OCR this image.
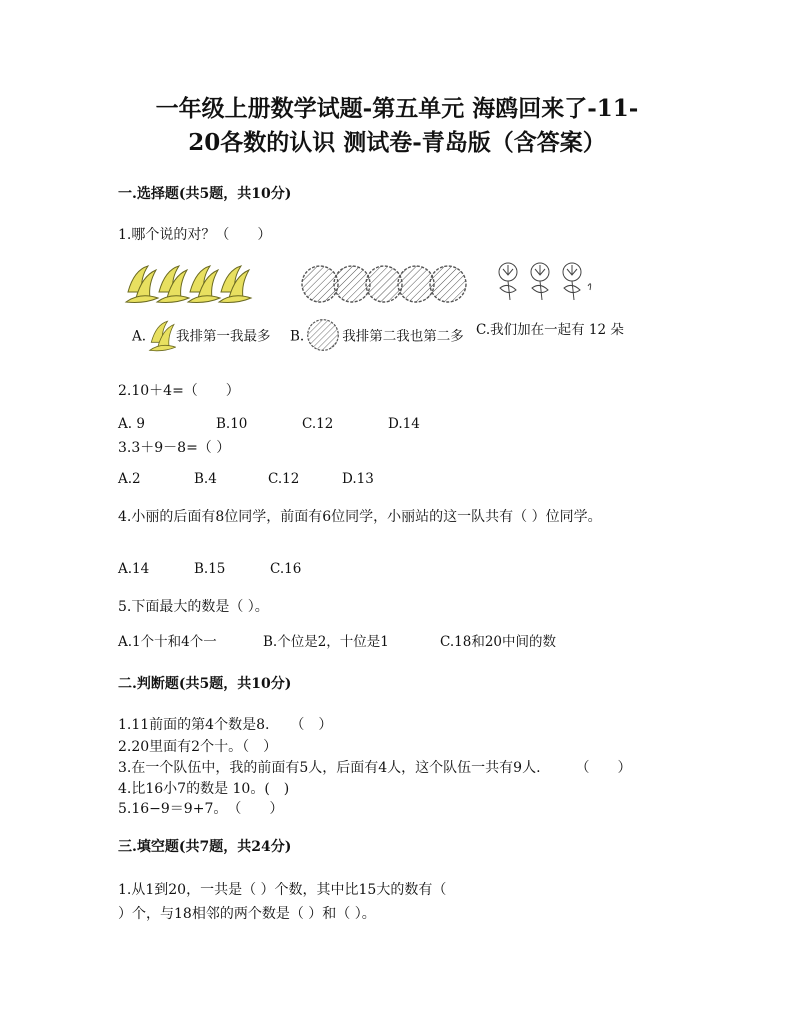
一年级上册数学试题-第五单元 海鸥回来了-11-
20各数的认识 测试卷-青岛版（含答案）
一.选择题(共5题，共10分)
1.哪个说的对？（　　）
A. 我排第一我最多 B.	我排第二我也第二多 C.我们加在一起有 12 朵
2.10＋4=（　　）
A. 9	B.10	C.12	D.14
3.3＋9－8=（ ）
A.2	B.4	C.12	D.13
4.小丽的后面有8位同学，前面有6位同学，小丽站的这一队共有（ ）位同学。
A.14	B.15	C.16
5.下面最大的数是（ ）。
A.1个十和4个一	B.个位是2，十位是1	C.18和20中间的数
二.判断题(共5题，共10分)
1.11前面的第4个数是8.　　（　）
2.20里面有2个十。（　）
3.在一个队伍中，我的前面有5人，后面有4人，这个队伍一共有9人.　　　（　　）
4.比16小7的数是 10。(　)
5.16−9＝9+7。　（　　）
三.填空题(共7题，共24分)
1.从1到20，一共是（ ）个数，其中比15大的数有（
）个，与18相邻的两个数是（ ）和（ ）。
